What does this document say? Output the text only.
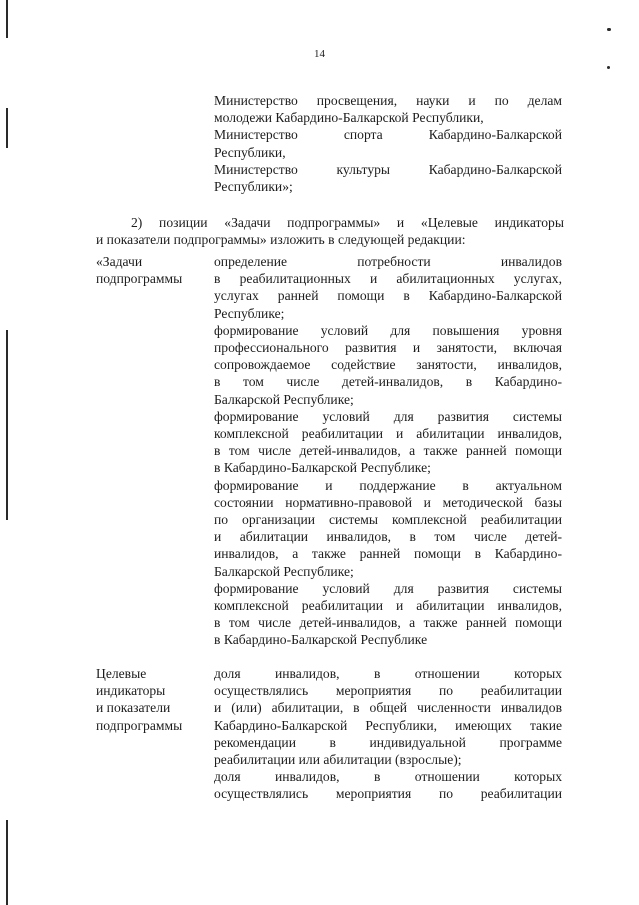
14
Министерство просвещения, науки и по делам
молодежи Кабардино-Балкарской Республики,
Министерство спорта Кабардино-Балкарской
Республики,
Министерство культуры Кабардино-Балкарской
Республики»;
2) позиции «Задачи подпрограммы» и «Целевые индикаторы
и показатели подпрограммы» изложить в следующей редакции:
«Задачи
подпрограммы
определение потребности инвалидов
в реабилитационных и абилитационных услугах,
услугах ранней помощи в Кабардино-Балкарской
Республике;
формирование условий для повышения уровня
профессионального развития и занятости, включая
сопровождаемое содействие занятости, инвалидов,
в том числе детей-инвалидов, в Кабардино-
Балкарской Республике;
формирование условий для развития системы
комплексной реабилитации и абилитации инвалидов,
в том числе детей-инвалидов, а также ранней помощи
в Кабардино-Балкарской Республике;
формирование и поддержание в актуальном
состоянии нормативно-правовой и методической базы
по организации системы комплексной реабилитации
и абилитации инвалидов, в том числе детей-
инвалидов, а также ранней помощи в Кабардино-
Балкарской Республике;
формирование условий для развития системы
комплексной реабилитации и абилитации инвалидов,
в том числе детей-инвалидов, а также ранней помощи
в Кабардино-Балкарской Республике
Целевые
индикаторы
и показатели
подпрограммы
доля инвалидов, в отношении которых
осуществлялись мероприятия по реабилитации
и (или) абилитации, в общей численности инвалидов
Кабардино-Балкарской Республики, имеющих такие
рекомендации в индивидуальной программе
реабилитации или абилитации (взрослые);
доля инвалидов, в отношении которых
осуществлялись мероприятия по реабилитации
